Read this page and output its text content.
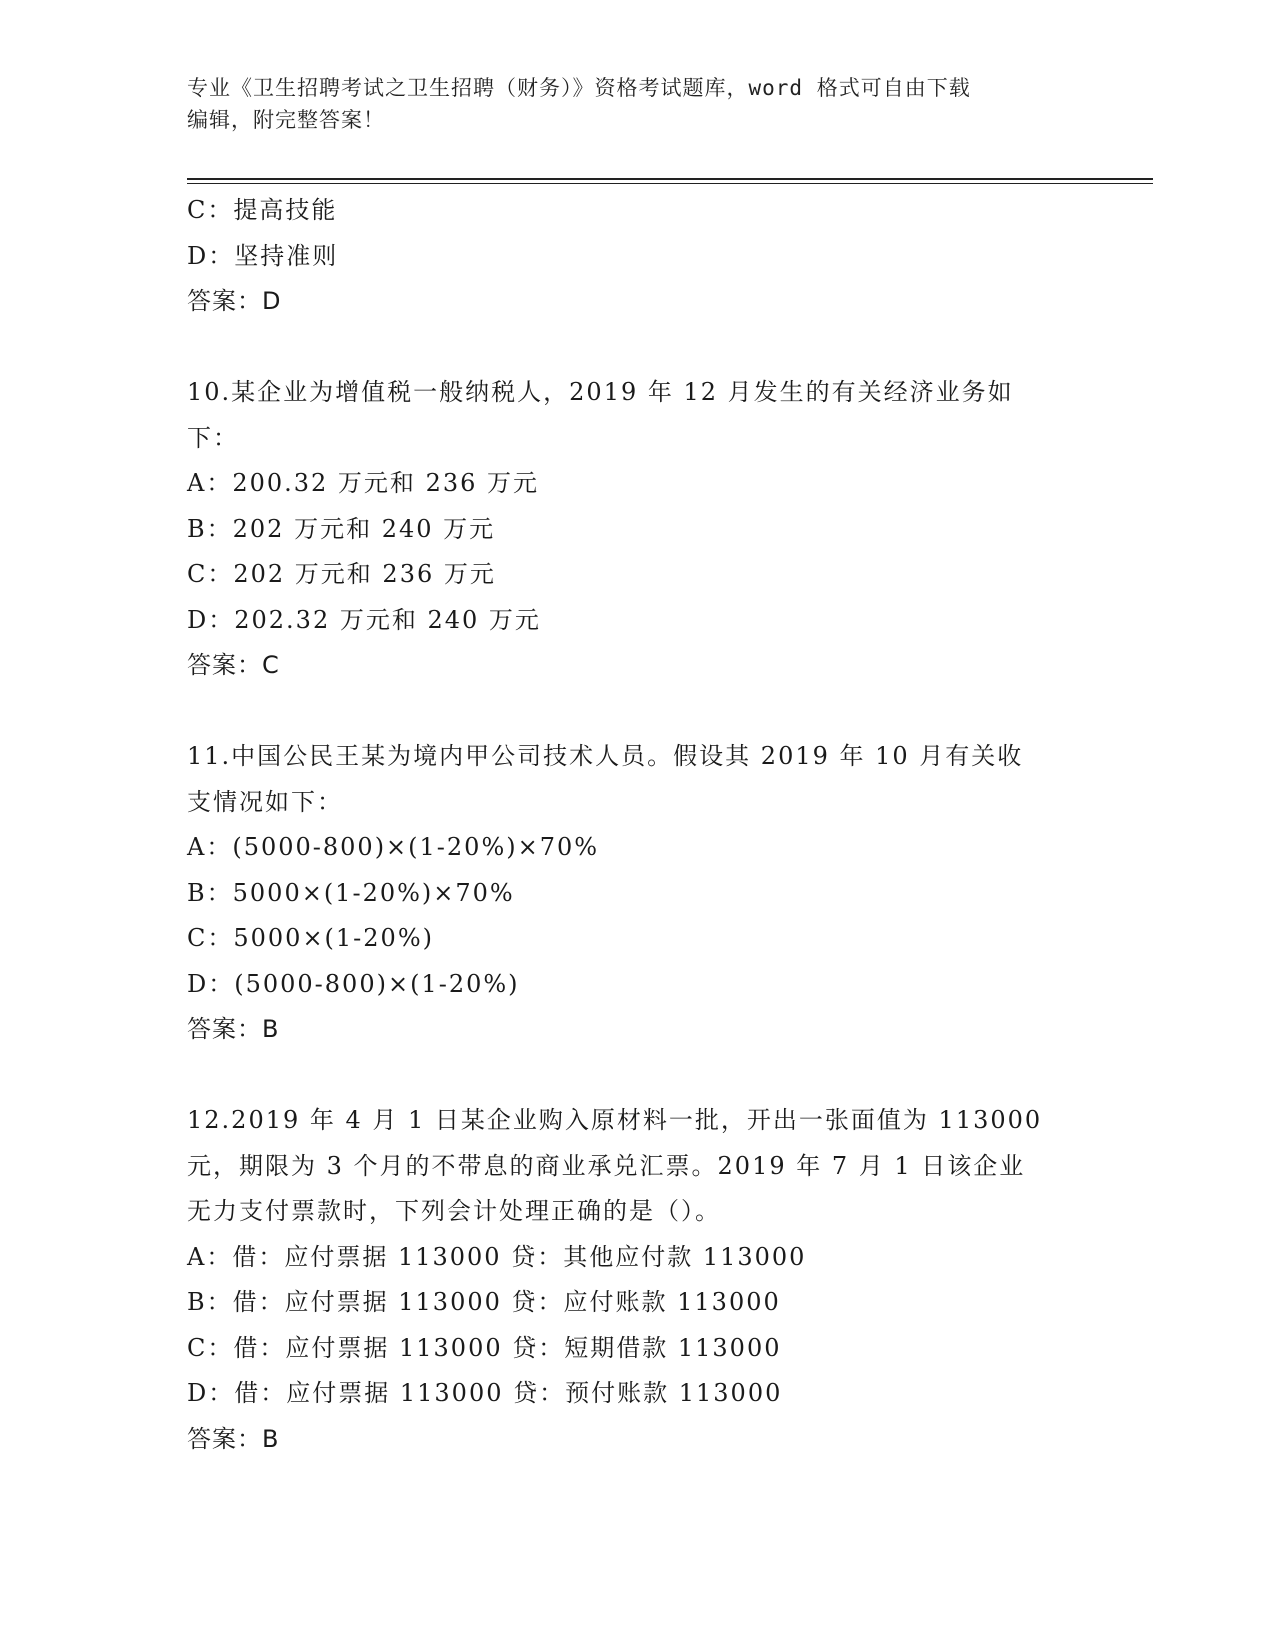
专业《卫生招聘考试之卫生招聘（财务）》资格考试题库，word 格式可自由下载
编辑，附完整答案！
C：提高技能
D：坚持准则
答案：D
10.某企业为增值税一般纳税人，2019 年 12 月发生的有关经济业务如
下：
A：200.32 万元和 236 万元
B：202 万元和 240 万元
C：202 万元和 236 万元
D：202.32 万元和 240 万元
答案：C
11.中国公民王某为境内甲公司技术人员。假设其 2019 年 10 月有关收
支情况如下：
A：(5000-800)×(1-20%)×70%
B：5000×(1-20%)×70%
C：5000×(1-20%)
D：(5000-800)×(1-20%)
答案：B
12.2019 年 4 月 1 日某企业购入原材料一批，开出一张面值为 113000
元，期限为 3 个月的不带息的商业承兑汇票。2019 年 7 月 1 日该企业
无力支付票款时，下列会计处理正确的是（）。
A：借：应付票据 113000 贷：其他应付款 113000
B：借：应付票据 113000 贷：应付账款 113000
C：借：应付票据 113000 贷：短期借款 113000
D：借：应付票据 113000 贷：预付账款 113000
答案：B
